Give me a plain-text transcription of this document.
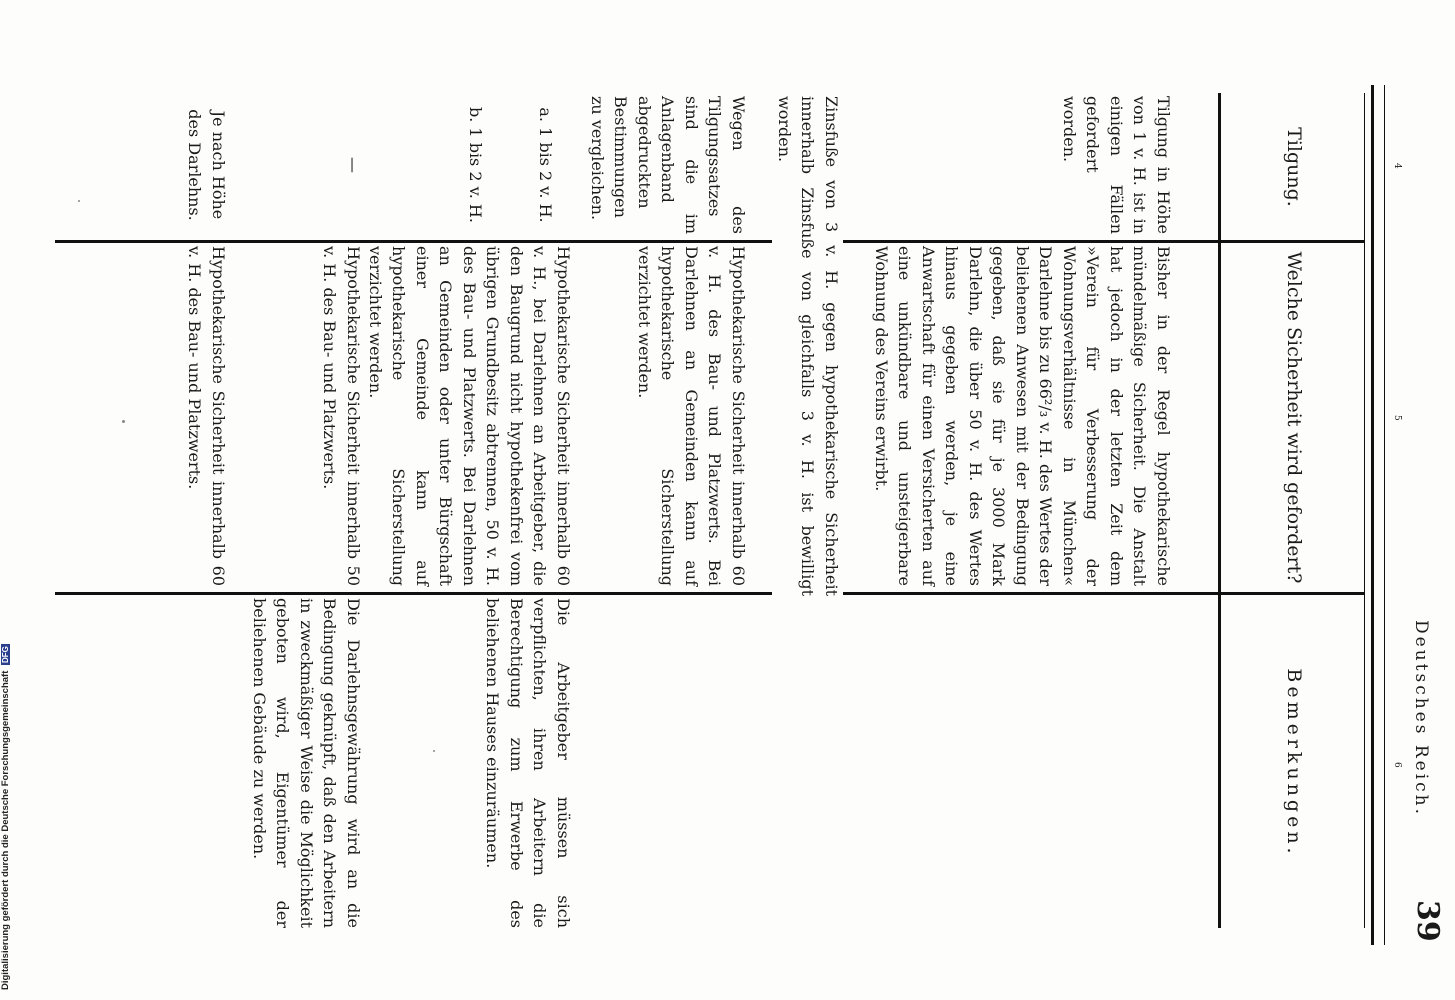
Deutsches Reich.
39
4
5
6
Tilgung.
Welche Sicherheit wird gefordert?
Bemerkungen.
Tilgung in Höhe von 1 v. H. ist in einigen Fällen gefordert worden.
Bisher in der Regel hypothekarische mündelmäßige Sicherheit. Die Anstalt hat jedoch in der letzten Zeit dem »Verein für Verbesserung der Wohnungsverhältnisse in München« Darlehne bis zu 66²/₃ v. H. des Wertes der beliehenen Anwesen mit der Bedingung gegeben, daß sie für je 3000 Mark Darlehn, die über 50 v. H. des Wertes hinaus gegeben werden, je eine Anwartschaft für einen Versicherten auf eine unkündbare und unsteigerbare Wohnung des Vereins erwirbt.
Zinsfuße von 3 v. H. gegen hypothekarische Sicherheit innerhalb Zinsfuße von gleichfalls 3 v. H. ist bewilligt worden.
Wegen des Tilgungssatzes sind die im Anlagenband abgedruckten Bestimmungen zu vergleichen.
Hypothekarische Sicherheit innerhalb 60 v. H. des Bau- und Platzwerts. Bei Darlehnen an Gemeinden kann auf hypothekarische Sicherstellung verzichtet werden.
a. 1 bis 2 v. H.
Hypothekarische Sicherheit innerhalb 60 v. H., bei Darlehnen an Arbeitgeber, die den Baugrund nicht hypothekenfrei vom übrigen Grundbesitz abtrennen, 50 v. H. des Bau- und Platzwerts. Bei Darlehnen an Gemeinden oder unter Bürgschaft einer Gemeinde kann auf hypothekarische Sicherstellung verzichtet werden.
Die Arbeitgeber müssen sich verpflichten, ihren Arbeitern die Berechtigung zum Erwerbe des beliehenen Hauses einzuräumen.
b. 1 bis 2 v. H.
—
Hypothekarische Sicherheit innerhalb 50 v. H. des Bau- und Platzwerts.
Die Darlehnsgewährung wird an die Bedingung geknüpft, daß den Arbeitern in zweckmäßiger Weise die Möglichkeit geboten wird, Eigentümer der beliehenen Gebäude zu werden.
Je nach Höhe des Darlehns.
Hypothekarische Sicherheit innerhalb 60 v. H. des Bau- und Platzwerts.
Digitalisierung gefördert durch die Deutsche Forschungsgemeinschaft DFG
